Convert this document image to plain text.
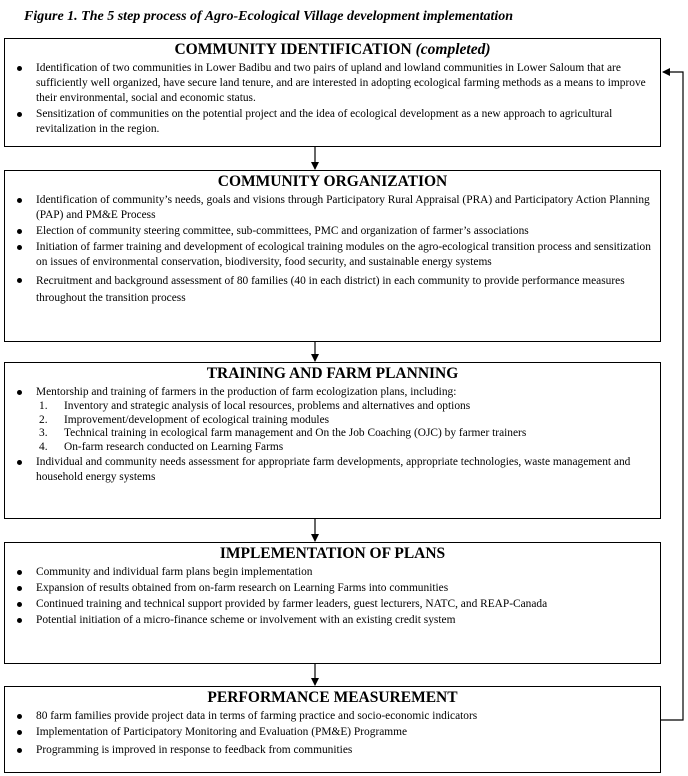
Figure 1. The 5 step process of Agro-Ecological Village development implementation
COMMUNITY IDENTIFICATION (completed)
Identification of two communities in Lower Badibu and two pairs of upland and lowland communities in Lower Saloum that are sufficiently well organized, have secure land tenure, and are interested in adopting ecological farming methods as a means to improve their environmental, social and economic status.
Sensitization of communities on the potential project and the idea of ecological development as a new approach to agricultural revitalization in the region.
COMMUNITY ORGANIZATION
Identification of community’s needs, goals and visions through Participatory Rural Appraisal (PRA) and Participatory Action Planning (PAP) and PM&E Process
Election of community steering committee, sub-committees, PMC and organization of farmer’s associations
Initiation of farmer training and development of ecological training modules on the agro-ecological transition process and sensitization on issues of environmental conservation, biodiversity, food security, and sustainable energy systems
Recruitment and background assessment of 80 families (40 in each district) in each community to provide performance measures throughout the transition process
TRAINING AND FARM PLANNING
Mentorship and training of farmers in the production of farm ecologization plans, including:
1. Inventory and strategic analysis of local resources, problems and alternatives and options
2. Improvement/development of ecological training modules
3. Technical training in ecological farm management and On the Job Coaching (OJC) by farmer trainers
4. On-farm research conducted on Learning Farms
Individual and community needs assessment for appropriate farm developments, appropriate technologies, waste management and household energy systems
IMPLEMENTATION OF PLANS
Community and individual farm plans begin implementation
Expansion of results obtained from on-farm research on Learning Farms into communities
Continued training and technical support provided by farmer leaders, guest lecturers, NATC, and REAP-Canada
Potential initiation of a micro-finance scheme or involvement with an existing credit system
PERFORMANCE MEASUREMENT
80 farm families provide project data in terms of farming practice and socio-economic indicators
Implementation of Participatory Monitoring and Evaluation (PM&E) Programme
Programming is improved in response to feedback from communities
